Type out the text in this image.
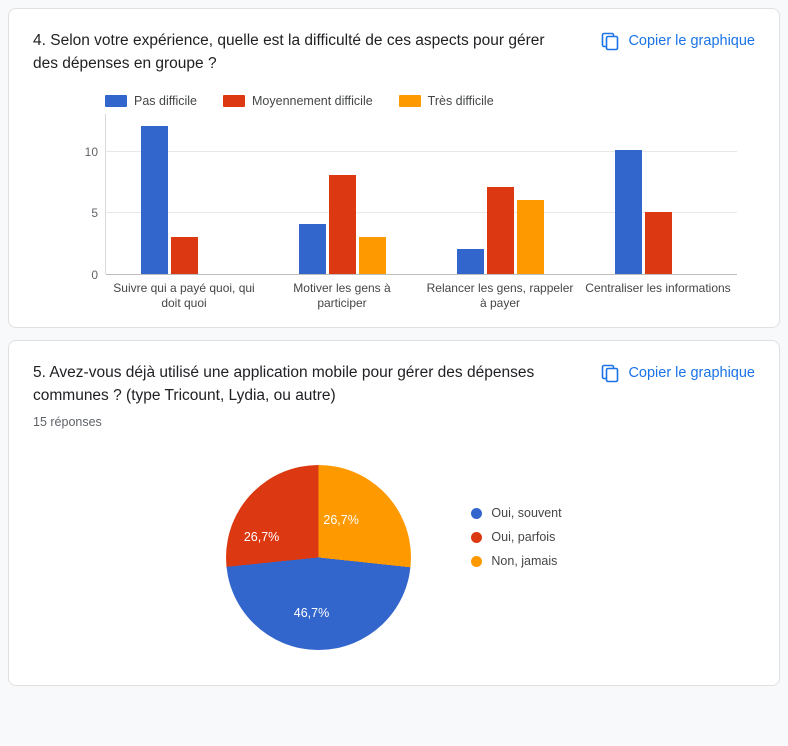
4. Selon votre expérience, quelle est la difficulté de ces aspects pour gérer des dépenses en groupe ?
Copier le graphique
Pas difficile	Moyennement difficile	Très difficile
0
5
10
Suivre qui a payé quoi, qui doit quoi
Motiver les gens à participer
Relancer les gens, rappeler à payer
Centraliser les informations
5. Avez-vous déjà utilisé une application mobile pour gérer des dépenses communes ? (type Tricount, Lydia, ou autre)
Copier le graphique
15 réponses
26,7%
46,7%
26,7%
Oui, souvent
Oui, parfois
Non, jamais
